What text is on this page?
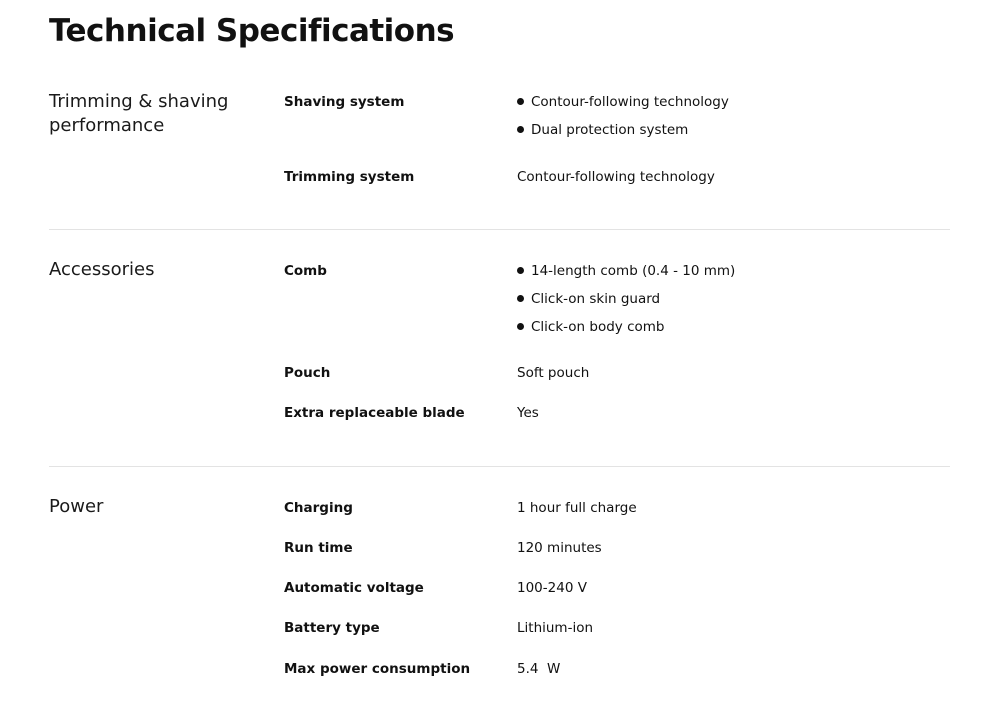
Technical Specifications
Trimming & shaving
performance
Shaving system	Contour-following technology
Dual protection system
Trimming system	Contour-following technology
Accessories	Comb	14-length comb (0.4 - 10 mm)
Click-on skin guard
Click-on body comb
Pouch	Soft pouch
Extra replaceable blade	Yes
Power	Charging	1 hour full charge
Run time	120 minutes
Automatic voltage	100-240 V
Battery type	Lithium-ion
Max power consumption	5.4  W
